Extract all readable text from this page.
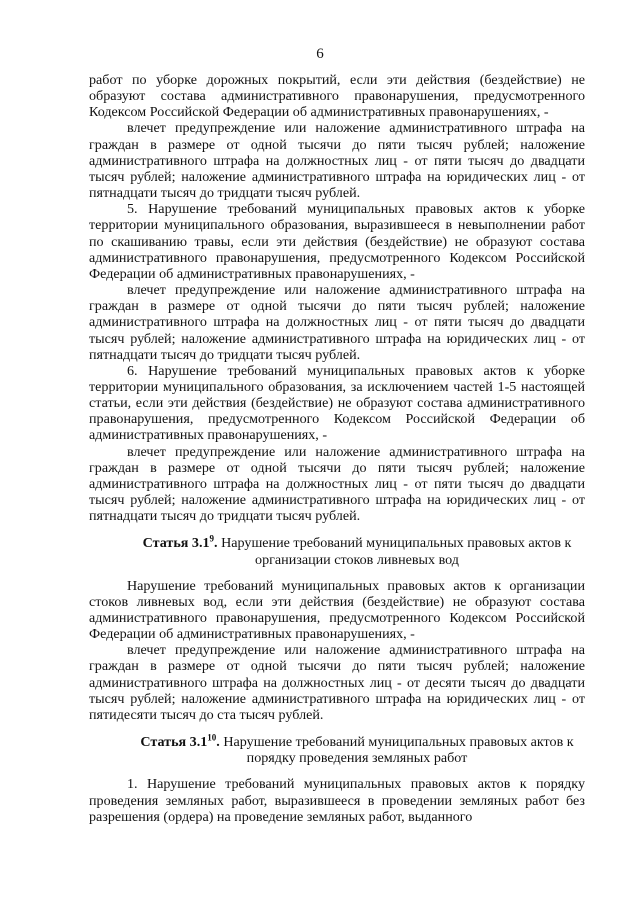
6

работ по уборке дорожных покрытий, если эти действия (бездействие) не образуют состава административного правонарушения, предусмотренного Кодексом Российской Федерации об административных правонарушениях, -

влечет предупреждение или наложение административного штрафа на граждан в размере от одной тысячи до пяти тысяч рублей; наложение административного штрафа на должностных лиц - от пяти тысяч до двадцати тысяч рублей; наложение административного штрафа на юридических лиц - от пятнадцати тысяч до тридцати тысяч рублей.

5. Нарушение требований муниципальных правовых актов к уборке территории муниципального образования, выразившееся в невыполнении работ по скашиванию травы, если эти действия (бездействие) не образуют состава административного правонарушения, предусмотренного Кодексом Российской Федерации об административных правонарушениях, -

влечет предупреждение или наложение административного штрафа на граждан в размере от одной тысячи до пяти тысяч рублей; наложение административного штрафа на должностных лиц - от пяти тысяч до двадцати тысяч рублей; наложение административного штрафа на юридических лиц - от пятнадцати тысяч до тридцати тысяч рублей.

6. Нарушение требований муниципальных правовых актов к уборке территории муниципального образования, за исключением частей 1-5 настоящей статьи, если эти действия (бездействие) не образуют состава административного правонарушения, предусмотренного Кодексом Российской Федерации об административных правонарушениях, -

влечет предупреждение или наложение административного штрафа на граждан в размере от одной тысячи до пяти тысяч рублей; наложение административного штрафа на должностных лиц - от пяти тысяч до двадцати тысяч рублей; наложение административного штрафа на юридических лиц - от пятнадцати тысяч до тридцати тысяч рублей.

Статья $3.1^9$. Нарушение требований муниципальных правовых актов к организации стоков ливневых вод

Нарушение требований муниципальных правовых актов к организации стоков ливневых вод, если эти действия (бездействие) не образуют состава административного правонарушения, предусмотренного Кодексом Российской Федерации об административных правонарушениях, -

влечет предупреждение или наложение административного штрафа на граждан в размере от одной тысячи до пяти тысяч рублей; наложение административного штрафа на должностных лиц - от десяти тысяч до двадцати тысяч рублей; наложение административного штрафа на юридических лиц - от пятидесяти тысяч до ста тысяч рублей.

Статья $3.1^{10}$. Нарушение требований муниципальных правовых актов к порядку проведения земляных работ

1. Нарушение требований муниципальных правовых актов к порядку проведения земляных работ, выразившееся в проведении земляных работ без разрешения (ордера) на проведение земляных работ, выданного
